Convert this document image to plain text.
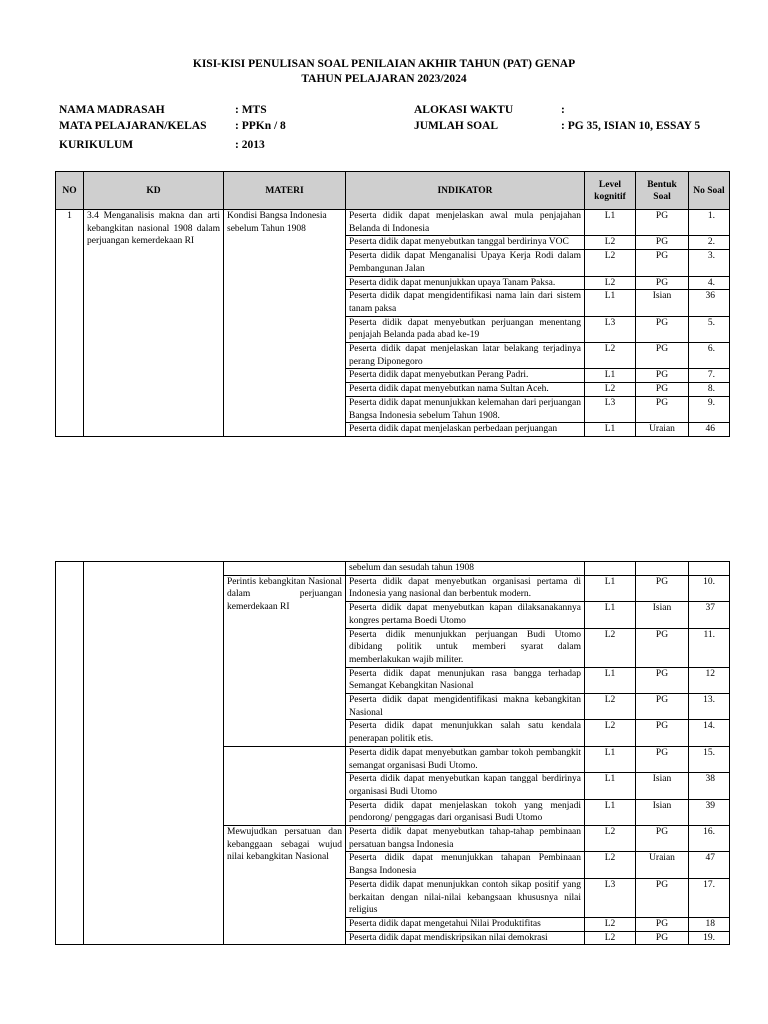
KISI-KISI PENULISAN SOAL PENILAIAN AKHIR TAHUN (PAT) GENAP
TAHUN PELAJARAN 2023/2024
NAMA MADRASAH	: MTS
MATA PELAJARAN/KELAS : PPKn / 8
KURIKULUM	: 2013
ALOKASI WAKTU	:
JUMLAH SOAL	: PG 35, ISIAN 10, ESSAY 5
NO	KD	MATERI	INDIKATOR	Level kognitif	Bentuk Soal	No Soal
1	3.4 Menganalisis makna dan arti kebangkitan nasional 1908 dalam perjuangan kemerdekaan RI	Kondisi Bangsa Indonesia sebelum Tahun 1908	Peserta didik dapat menjelaskan awal mula penjajahan Belanda di Indonesia	L1	PG	1.
			Peserta didik dapat menyebutkan tanggal berdirinya VOC	L2	PG	2.
			Peserta didik dapat Menganalisi Upaya Kerja Rodi dalam Pembangunan Jalan	L2	PG	3.
			Peserta didik dapat menunjukkan upaya Tanam Paksa.	L2	PG	4.
			Peserta didik dapat mengidentifikasi nama lain dari sistem tanam paksa	L1	Isian	36
			Peserta didik dapat menyebutkan perjuangan menentang penjajah Belanda pada abad ke-19	L3	PG	5.
			Peserta didik dapat menjelaskan latar belakang terjadinya perang Diponegoro	L2	PG	6.
			Peserta didik dapat menyebutkan Perang Padri.	L1	PG	7.
			Peserta didik dapat menyebutkan nama Sultan Aceh.	L2	PG	8.
			Peserta didik dapat menunjukkan kelemahan dari perjuangan Bangsa Indonesia sebelum Tahun 1908.	L3	PG	9.
			Peserta didik dapat menjelaskan perbedaan perjuangan	L1	Uraian	46
			sebelum dan sesudah tahun 1908			
		Perintis kebangkitan Nasional dalam perjuangan kemerdekaan RI	Peserta didik dapat menyebutkan organisasi pertama di Indonesia yang nasional dan berbentuk modern.	L1	PG	10.
			Peserta didik dapat menyebutkan kapan dilaksanakannya kongres pertama Boedi Utomo	L1	Isian	37
			Peserta didik menunjukkan perjuangan Budi Utomo dibidang politik untuk memberi syarat dalam memberlakukan wajib militer.	L2	PG	11.
			Peserta didik dapat menunjukan rasa bangga terhadap Semangat Kebangkitan Nasional	L1	PG	12
			Peserta didik dapat mengidentifikasi makna kebangkitan Nasional	L2	PG	13.
			Peserta didik dapat menunjukkan salah satu kendala penerapan politik etis.	L2	PG	14.
			Peserta didik dapat menyebutkan gambar tokoh pembangkit semangat organisasi Budi Utomo.	L1	PG	15.
			Peserta didik dapat menyebutkan kapan tanggal berdirinya organisasi Budi Utomo	L1	Isian	38
			Peserta didik dapat menjelaskan tokoh yang menjadi pendorong/ penggagas dari organisasi Budi Utomo	L1	Isian	39
		Mewujudkan persatuan dan kebanggaan sebagai wujud nilai kebangkitan Nasional	Peserta didik dapat menyebutkan tahap-tahap pembinaan persatuan bangsa Indonesia	L2	PG	16.
			Peserta didik dapat menunjukkan tahapan Pembinaan Bangsa Indonesia	L2	Uraian	47
			Peserta didik dapat menunjukkan contoh sikap positif yang berkaitan dengan nilai-nilai kebangsaan khususnya nilai religius	L3	PG	17.
			Peserta didik dapat mengetahui Nilai Produktifitas	L2	PG	18
			Peserta didik dapat mendiskripsikan nilai demokrasi	L2	PG	19.
